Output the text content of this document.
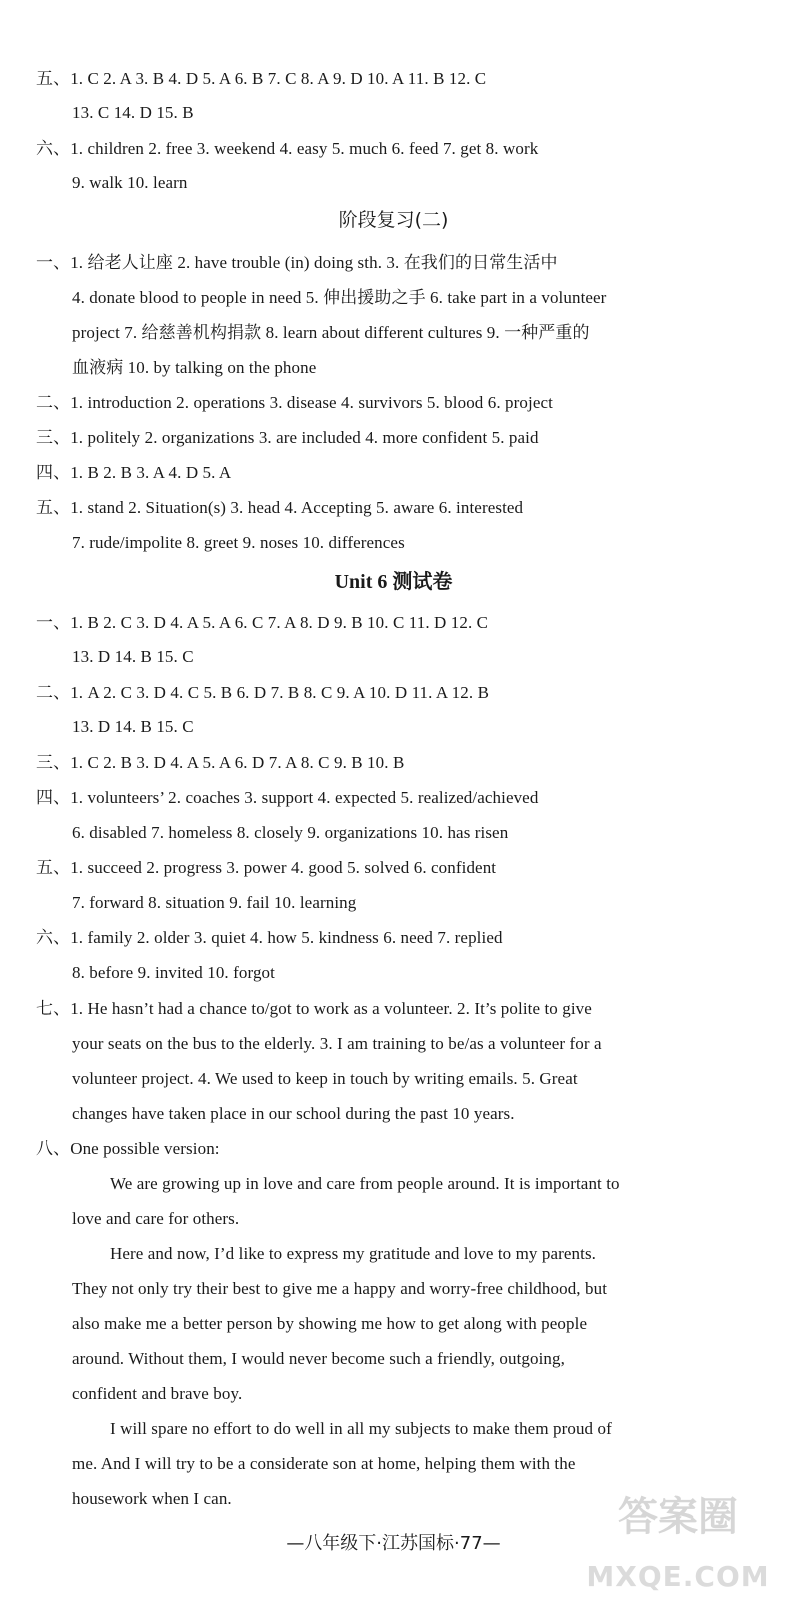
五、1. C 2. A 3. B 4. D 5. A 6. B 7. C 8. A 9. D 10. A 11. B 12. C
13. C 14. D 15. B
六、1. children 2. free 3. weekend 4. easy 5. much 6. feed 7. get 8. work
9. walk 10. learn
阶段复习(二)
一、1. 给老人让座 2. have trouble (in) doing sth. 3. 在我们的日常生活中
4. donate blood to people in need 5. 伸出援助之手 6. take part in a volunteer
project 7. 给慈善机构捐款 8. learn about different cultures 9. 一种严重的
血液病 10. by talking on the phone
二、1. introduction 2. operations 3. disease 4. survivors 5. blood 6. project
三、1. politely 2. organizations 3. are included 4. more confident 5. paid
四、1. B 2. B 3. A 4. D 5. A
五、1. stand 2. Situation(s) 3. head 4. Accepting 5. aware 6. interested
7. rude/impolite 8. greet 9. noses 10. differences
Unit 6 测试卷
一、1. B 2. C 3. D 4. A 5. A 6. C 7. A 8. D 9. B 10. C 11. D 12. C
13. D 14. B 15. C
二、1. A 2. C 3. D 4. C 5. B 6. D 7. B 8. C 9. A 10. D 11. A 12. B
13. D 14. B 15. C
三、1. C 2. B 3. D 4. A 5. A 6. D 7. A 8. C 9. B 10. B
四、1. volunteers’ 2. coaches 3. support 4. expected 5. realized/achieved
6. disabled 7. homeless 8. closely 9. organizations 10. has risen
五、1. succeed 2. progress 3. power 4. good 5. solved 6. confident
7. forward 8. situation 9. fail 10. learning
六、1. family 2. older 3. quiet 4. how 5. kindness 6. need 7. replied
8. before 9. invited 10. forgot
七、1. He hasn’t had a chance to/got to work as a volunteer. 2. It’s polite to give
your seats on the bus to the elderly. 3. I am training to be/as a volunteer for a
volunteer project. 4. We used to keep in touch by writing emails. 5. Great
changes have taken place in our school during the past 10 years.
八、One possible version:
We are growing up in love and care from people around. It is important to
love and care for others.
Here and now, I’d like to express my gratitude and love to my parents.
They not only try their best to give me a happy and worry-free childhood, but
also make me a better person by showing me how to get along with people
around. Without them, I would never become such a friendly, outgoing,
confident and brave boy.
I will spare no effort to do well in all my subjects to make them proud of
me. And I will try to be a considerate son at home, helping them with the
housework when I can.
—八年级下·江苏国标·77—
答案圈
MXQE.COM
